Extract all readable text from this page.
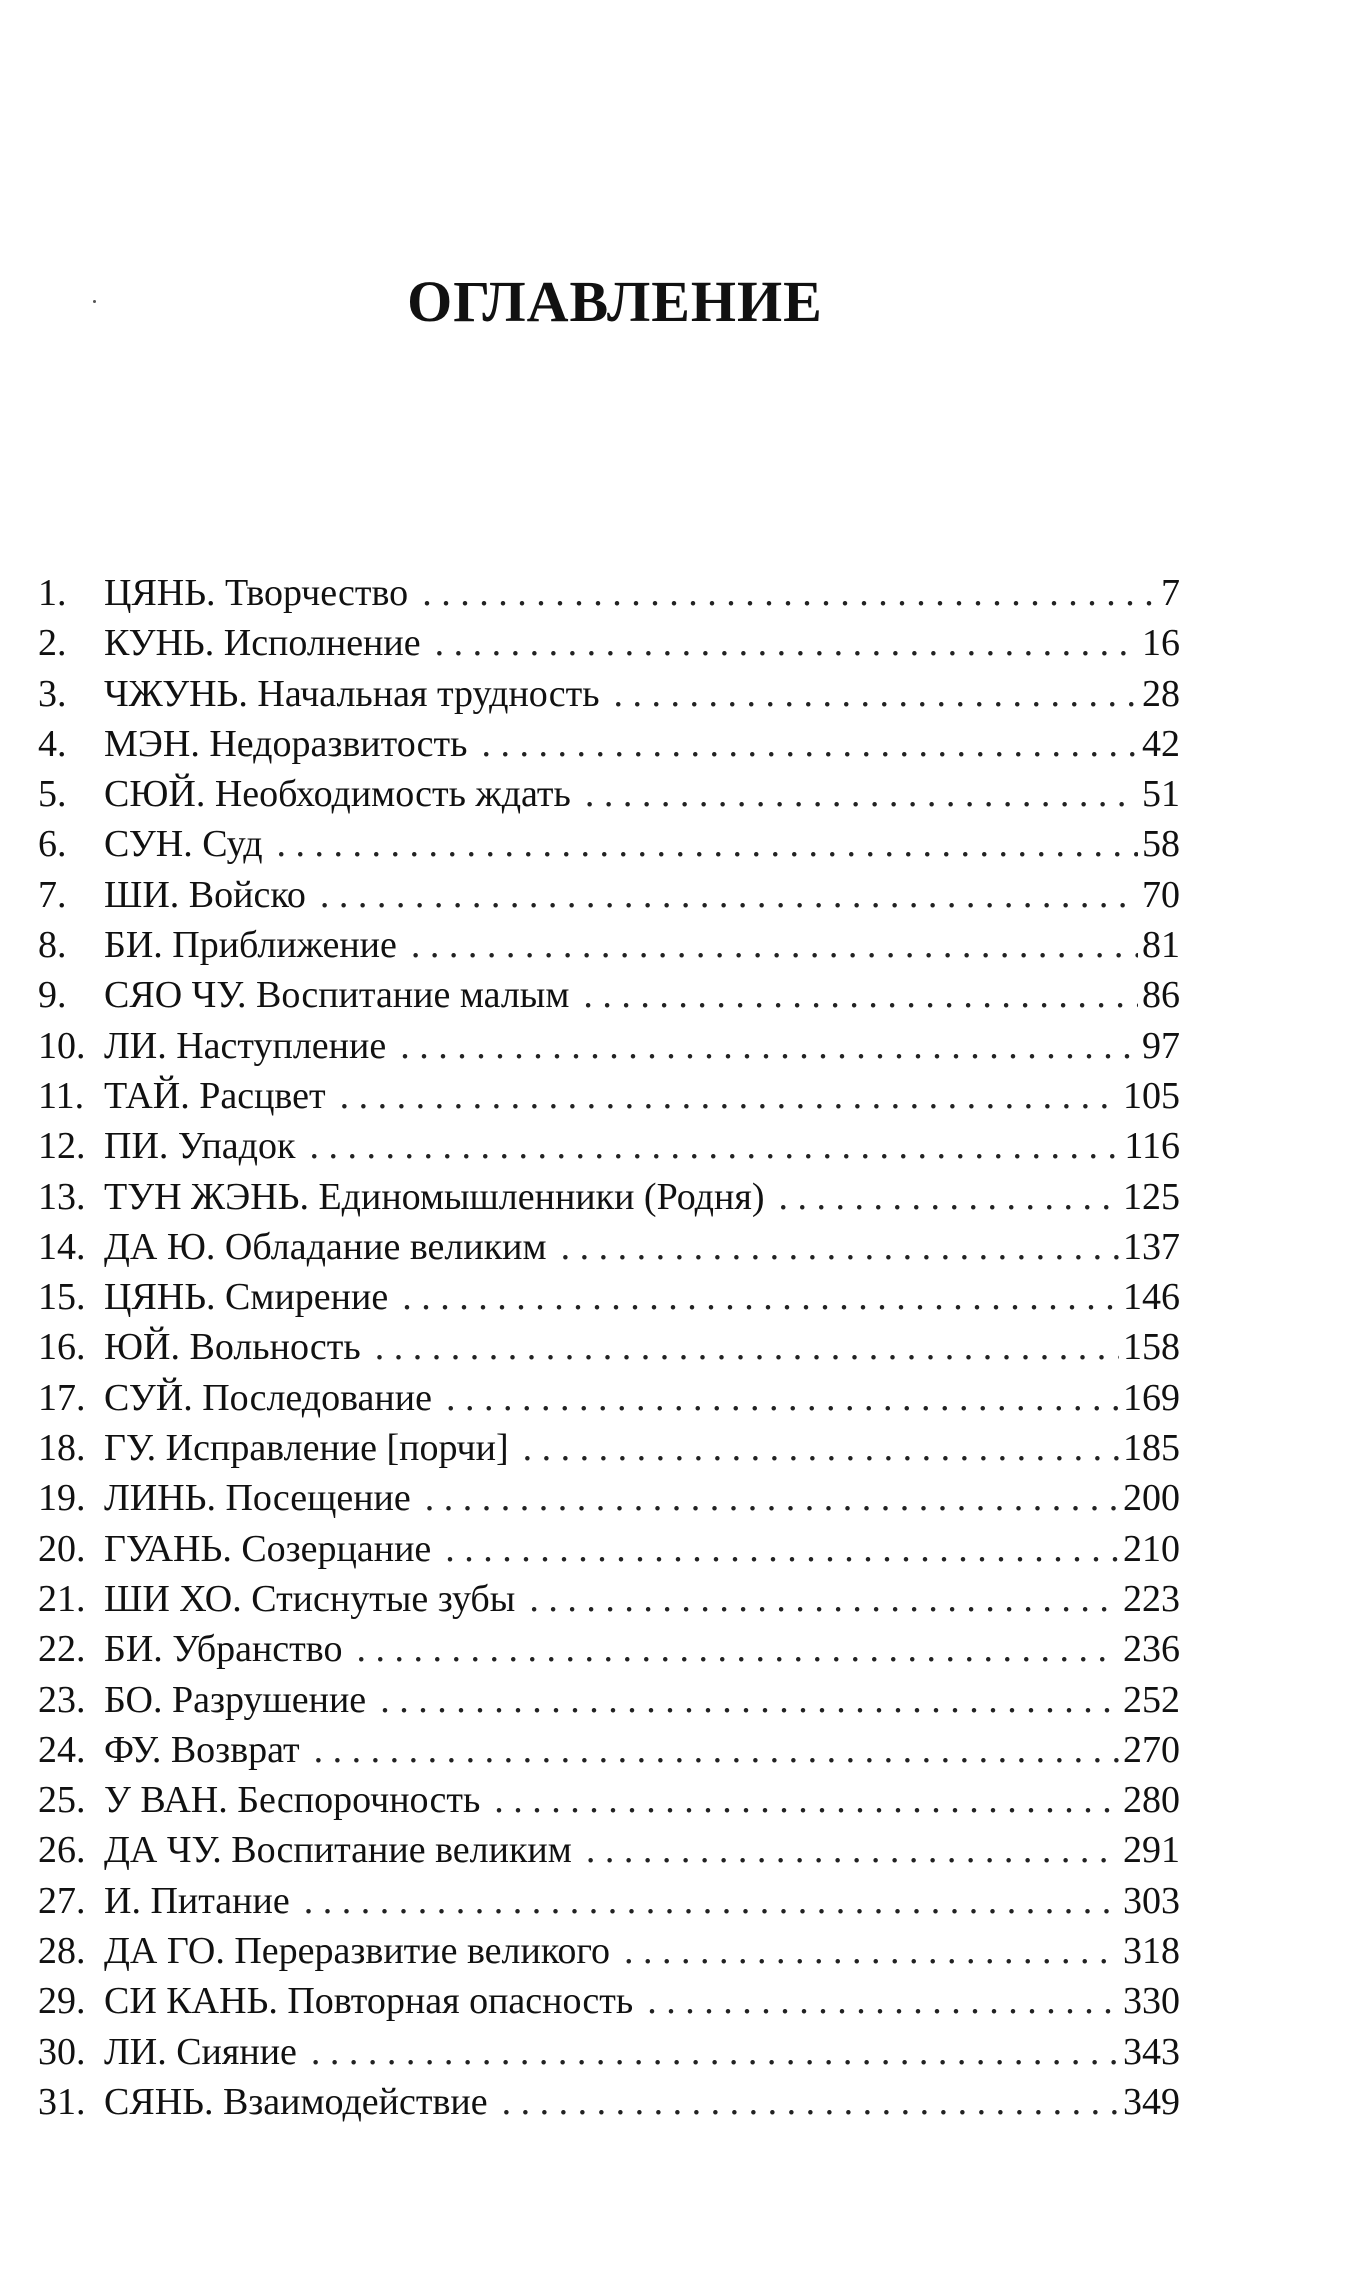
ОГЛАВЛЕНИЕ
1. ЦЯНЬ. Творчество . . .	7
2. КУНЬ. Исполнение . . .	16
3. ЧЖУНЬ. Начальная трудность . . .	28
4. МЭН. Недоразвитость . . .	42
5. СЮЙ. Необходимость ждать . . .	51
6. СУН. Суд . . .	58
7. ШИ. Войско . . .	70
8. БИ. Приближение . . .	81
9. СЯО ЧУ. Воспитание малым . . .	86
10. ЛИ. Наступление . . .	97
11. ТАЙ. Расцвет . . .	105
12. ПИ. Упадок . . .	116
13. ТУН ЖЭНЬ. Единомышленники (Родня) . . .	125
14. ДА Ю. Обладание великим . . .	137
15. ЦЯНЬ. Смирение . . .	146
16. ЮЙ. Вольность . . .	158
17. СУЙ. Последование . . .	169
18. ГУ. Исправление [порчи] . . .	185
19. ЛИНЬ. Посещение . . .	200
20. ГУАНЬ. Созерцание . . .	210
21. ШИ ХО. Стиснутые зубы . . .	223
22. БИ. Убранство . . .	236
23. БО. Разрушение . . .	252
24. ФУ. Возврат . . .	270
25. У ВАН. Беспорочность . . .	280
26. ДА ЧУ. Воспитание великим . . .	291
27. И. Питание . . .	303
28. ДА ГО. Переразвитие великого . . .	318
29. СИ КАНЬ. Повторная опасность . . .	330
30. ЛИ. Сияние . . .	343
31. СЯНЬ. Взаимодействие . . .	349
